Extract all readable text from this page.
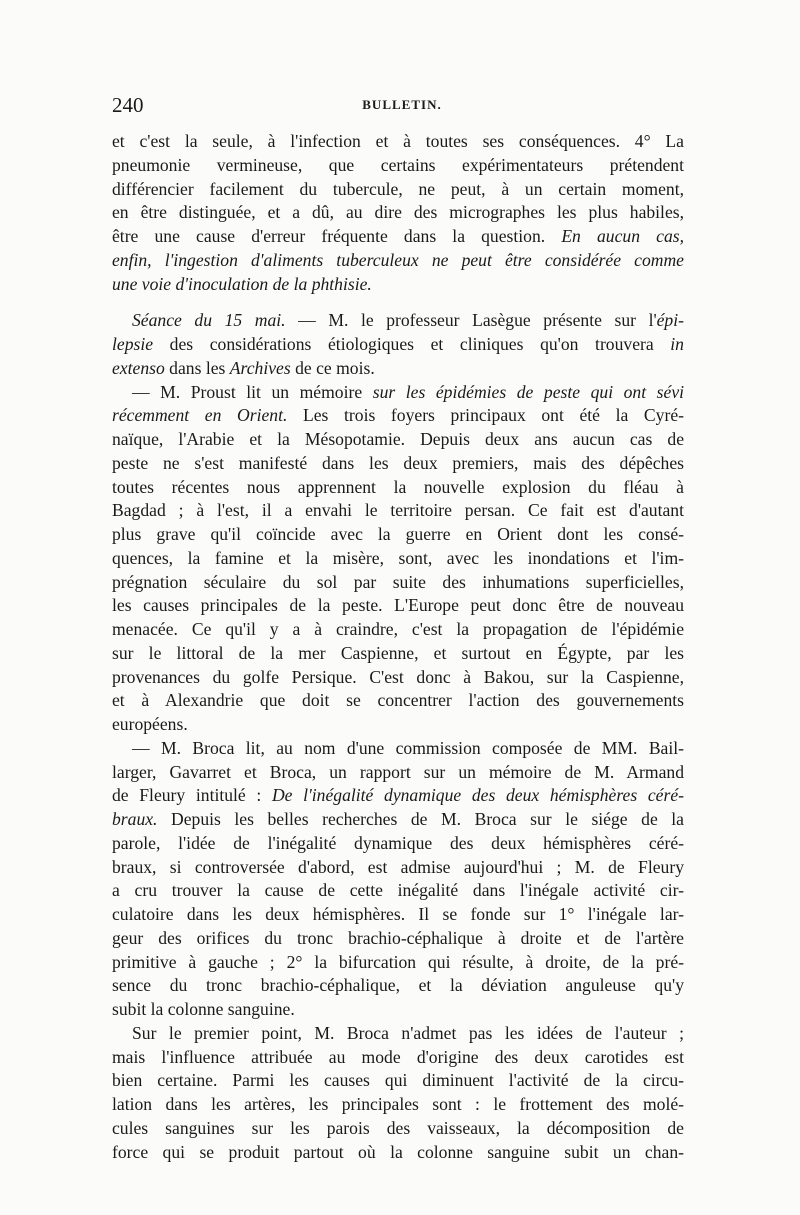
240	BULLETIN.
et c'est la seule, à l'infection et à toutes ses conséquences. 4° La
pneumonie vermineuse, que certains expérimentateurs prétendent
différencier facilement du tubercule, ne peut, à un certain moment,
en être distinguée, et a dû, au dire des micrographes les plus habiles,
être une cause d'erreur fréquente dans la question. En aucun cas,
enfin, l'ingestion d'aliments tuberculeux ne peut être considérée comme
une voie d'inoculation de la phthisie.
Séance du 15 mai. — M. le professeur Lasègue présente sur l'épi-
lepsie des considérations étiologiques et cliniques qu'on trouvera in
extenso dans les Archives de ce mois.
— M. Proust lit un mémoire sur les épidémies de peste qui ont sévi
récemment en Orient. Les trois foyers principaux ont été la Cyré-
naïque, l'Arabie et la Mésopotamie. Depuis deux ans aucun cas de
peste ne s'est manifesté dans les deux premiers, mais des dépêches
toutes récentes nous apprennent la nouvelle explosion du fléau à
Bagdad ; à l'est, il a envahi le territoire persan. Ce fait est d'autant
plus grave qu'il coïncide avec la guerre en Orient dont les consé-
quences, la famine et la misère, sont, avec les inondations et l'im-
prégnation séculaire du sol par suite des inhumations superficielles,
les causes principales de la peste. L'Europe peut donc être de nouveau
menacée. Ce qu'il y a à craindre, c'est la propagation de l'épidémie
sur le littoral de la mer Caspienne, et surtout en Égypte, par les
provenances du golfe Persique. C'est donc à Bakou, sur la Caspienne,
et à Alexandrie que doit se concentrer l'action des gouvernements
européens.
— M. Broca lit, au nom d'une commission composée de MM. Bail-
larger, Gavarret et Broca, un rapport sur un mémoire de M. Armand
de Fleury intitulé : De l'inégalité dynamique des deux hémisphères céré-
braux. Depuis les belles recherches de M. Broca sur le siége de la
parole, l'idée de l'inégalité dynamique des deux hémisphères céré-
braux, si controversée d'abord, est admise aujourd'hui ; M. de Fleury
a cru trouver la cause de cette inégalité dans l'inégale activité cir-
culatoire dans les deux hémisphères. Il se fonde sur 1° l'inégale lar-
geur des orifices du tronc brachio-céphalique à droite et de l'artère
primitive à gauche ; 2° la bifurcation qui résulte, à droite, de la pré-
sence du tronc brachio-céphalique, et la déviation anguleuse qu'y
subit la colonne sanguine.
Sur le premier point, M. Broca n'admet pas les idées de l'auteur ;
mais l'influence attribuée au mode d'origine des deux carotides est
bien certaine. Parmi les causes qui diminuent l'activité de la circu-
lation dans les artères, les principales sont : le frottement des molé-
cules sanguines sur les parois des vaisseaux, la décomposition de
force qui se produit partout où la colonne sanguine subit un chan-
